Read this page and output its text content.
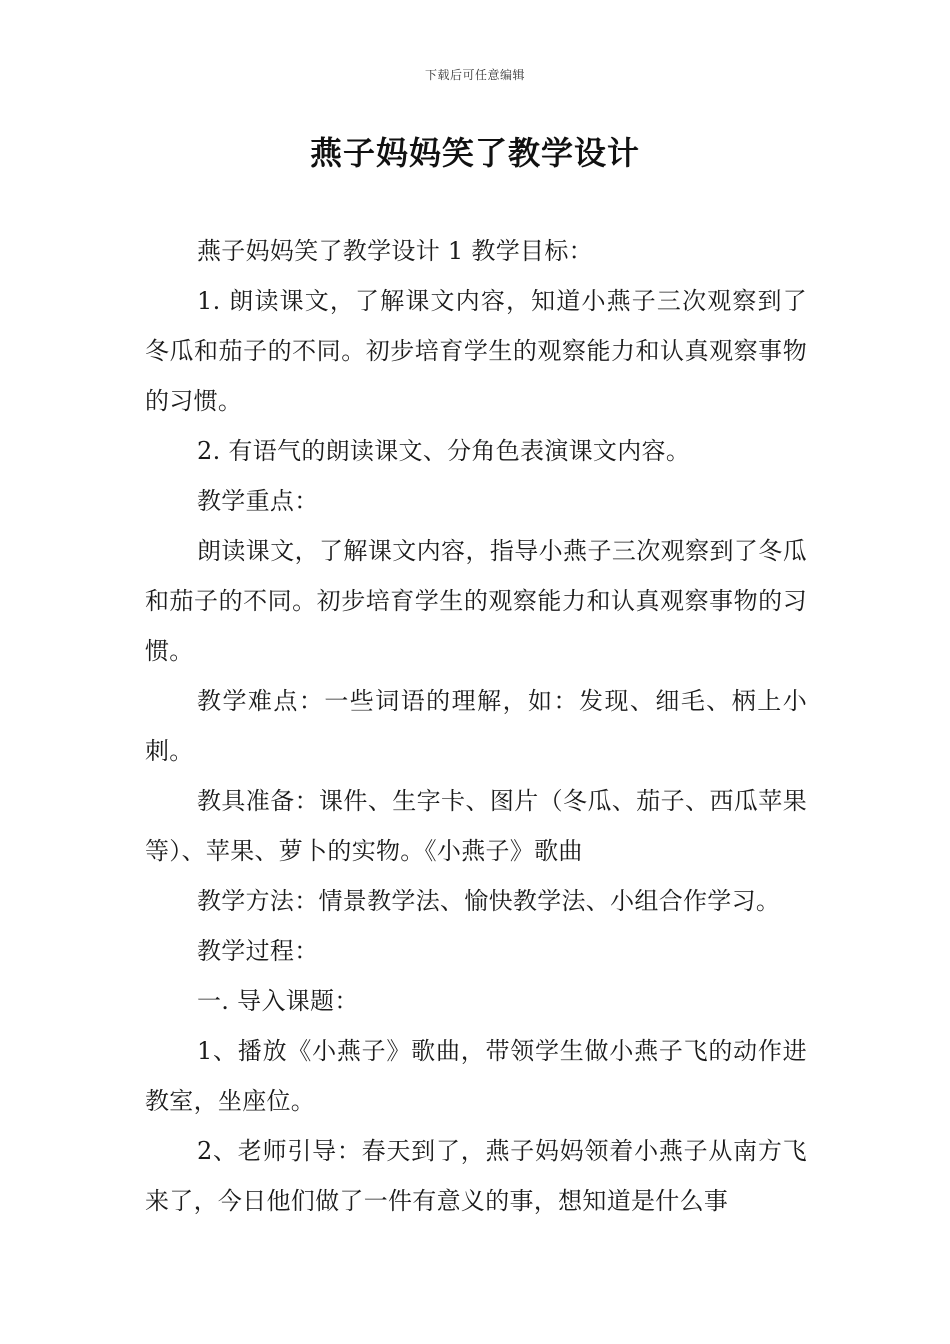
下载后可任意编辑
燕子妈妈笑了教学设计

燕子妈妈笑了教学设计 1 教学目标：

1. 朗读课文，了解课文内容，知道小燕子三次观察到了冬瓜和茄子的不同。初步培育学生的观察能力和认真观察事物的习惯。

2. 有语气的朗读课文、分角色表演课文内容。

教学重点：

朗读课文，了解课文内容，指导小燕子三次观察到了冬瓜和茄子的不同。初步培育学生的观察能力和认真观察事物的习惯。

教学难点：一些词语的理解，如：发现、细毛、柄上小刺。

教具准备：课件、生字卡、图片（冬瓜、茄子、西瓜苹果等）、苹果、萝卜的实物。《小燕子》歌曲

教学方法：情景教学法、愉快教学法、小组合作学习。

教学过程：

一. 导入课题：

1、播放《小燕子》歌曲，带领学生做小燕子飞的动作进教室，坐座位。

2、老师引导：春天到了，燕子妈妈领着小燕子从南方飞来了，今日他们做了一件有意义的事，想知道是什么事
